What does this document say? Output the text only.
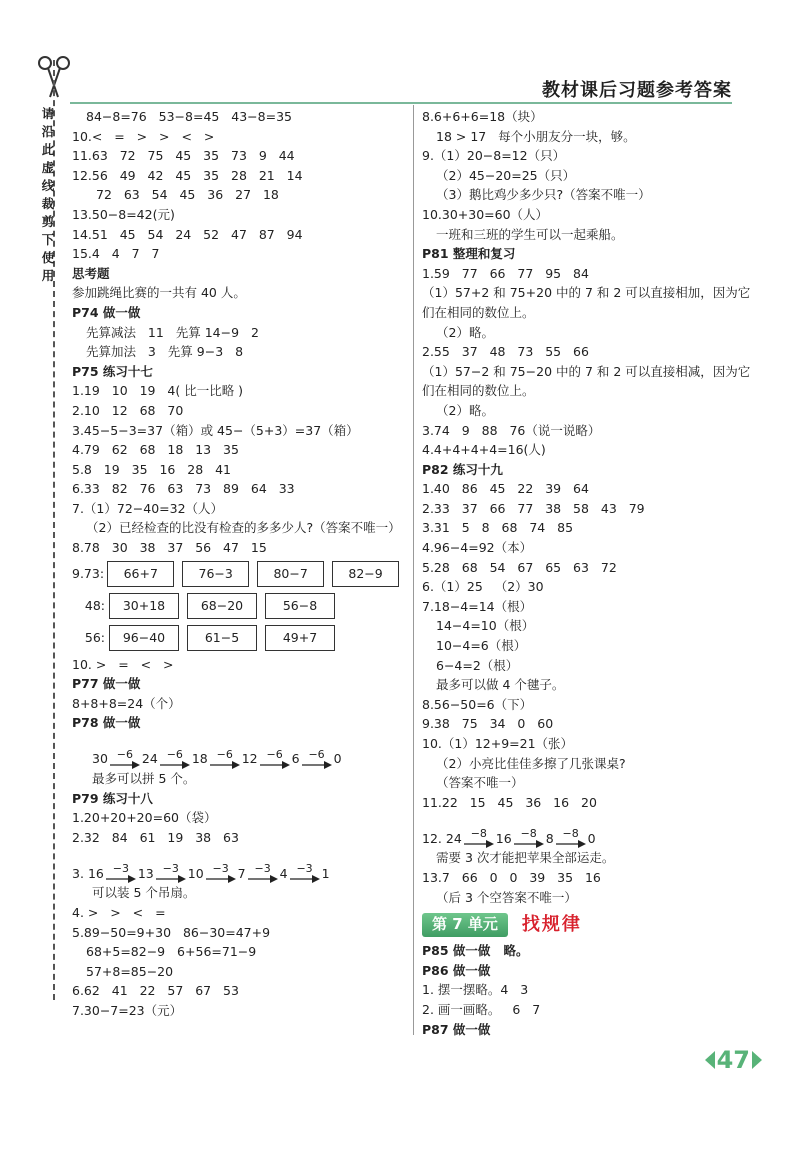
请沿此虚线裁剪下使用
教材课后习题参考答案
84−8=76   53−8=45   43−8=35
10.<   =   >   >   <   >
11.63   72   75   45   35   73   9   44
12.56   49   42   45   35   28   21   14
72   63   54   45   36   27   18
13.50−8=42(元)
14.51   45   54   24   52   47   87   94
15.4   4   7   7
思考题
参加跳绳比赛的一共有 40 人。
P74 做一做
先算减法   11   先算 14−9   2
先算加法   3   先算 9−3   8
P75 练习十七
1.19   10   19   4( 比一比略 )
2.10   12   68   70
3.45−5−3=37（箱）或 45−（5+3）=37（箱）
4.79   62   68   18   13   35
5.8   19   35   16   28   41
6.33   82   76   63   73   89   64   33
7.（1）72−40=32（人）
（2）已经检查的比没有检查的多多少人?（答案不唯一）
8.78   30   38   37   56   47   15
9.73:	66+7	76−3	80−7	82−9
48:	30+18	68−20	56−8
56:	96−40	61−5	49+7
10. >   =   <   >
P77 做一做
8+8+8=24（个）
P78 做一做
30 −6 24 −6 18 −6 12 −6 6 −6 0
最多可以拼 5 个。
P79 练习十八
1.20+20+20=60（袋）
2.32   84   61   19   38   63
3. 16 −3 13 −3 10 −3 7 −3 4 −3 1
可以装 5 个吊扇。
4. >   >   <   =
5.89−50=9+30   86−30=47+9
68+5=82−9   6+56=71−9
57+8=85−20
6.62   41   22   57   67   53
7.30−7=23（元）
8.6+6+6=18（块）
18 > 17   每个小朋友分一块，够。
9.（1）20−8=12（只）
（2）45−20=25（只）
（3）鹅比鸡少多少只?（答案不唯一）
10.30+30=60（人）
一班和三班的学生可以一起乘船。
P81 整理和复习
1.59   77   66   77   95   84
（1）57+2 和 75+20 中的 7 和 2 可以直接相加，因为它们在相同的数位上。
（2）略。
2.55   37   48   73   55   66
（1）57−2 和 75−20 中的 7 和 2 可以直接相减，因为它们在相同的数位上。
（2）略。
3.74   9   88   76（说一说略）
4.4+4+4+4=16(人)
P82 练习十九
1.40   86   45   22   39   64
2.33   37   66   77   38   58   43   79
3.31   5   8   68   74   85
4.96−4=92（本）
5.28   68   54   67   65   63   72
6.（1）25   （2）30
7.18−4=14（根）
14−4=10（根）
10−4=6（根）
6−4=2（根）
最多可以做 4 个毽子。
8.56−50=6（下）
9.38   75   34   0   60
10.（1）12+9=21（张）
（2）小亮比佳佳多擦了几张课桌?
（答案不唯一）
11.22   15   45   36   16   20
12. 24 −8 16 −8 8 −8 0
需要 3 次才能把苹果全部运走。
13.7   66   0   0   39   35   16
（后 3 个空答案不唯一）
第 7 单元	找规律
P85 做一做   略。
P86 做一做
1. 摆一摆略。4   3
2. 画一画略。   6   7
P87 做一做
47
